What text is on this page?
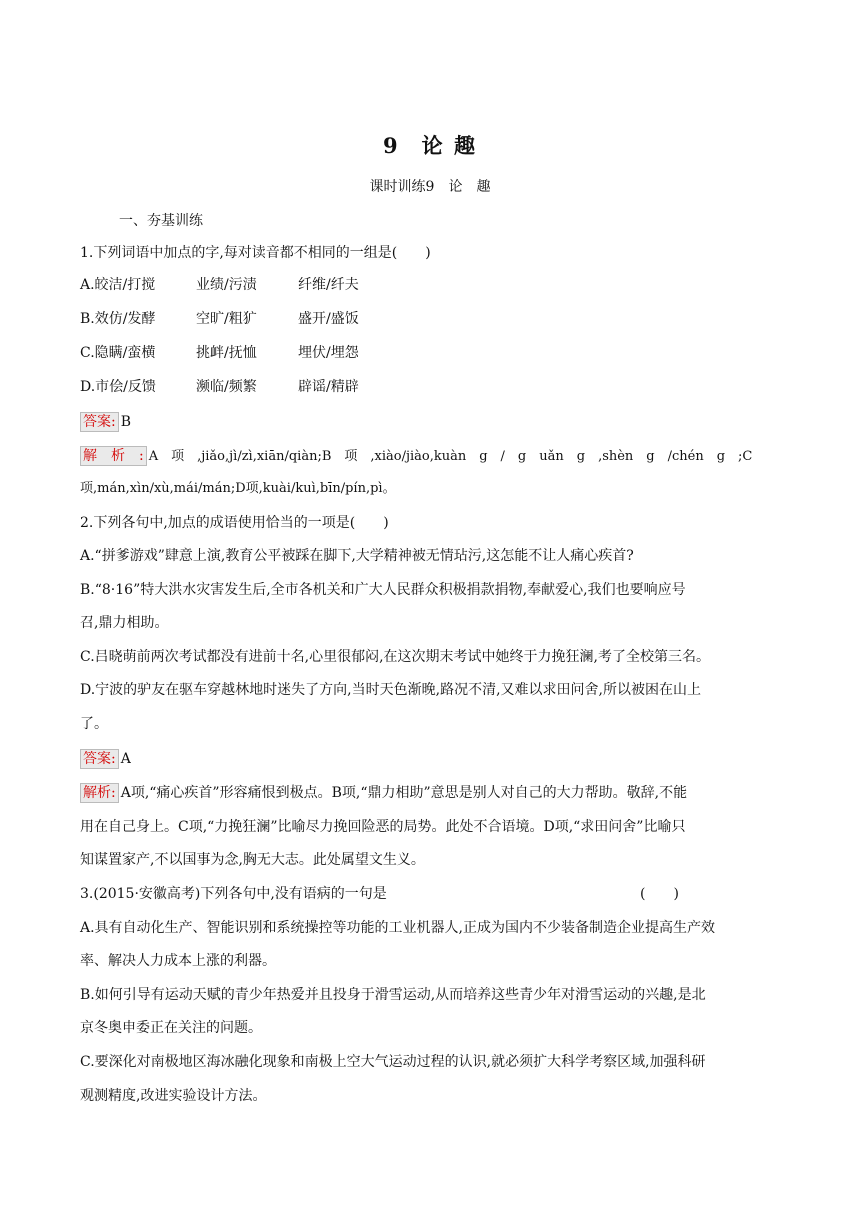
9 论 趣
课时训练9　论　趣
一、夯基训练
1.下列词语中加点的字,每对读音都不相同的一组是(　　)
A.皎洁/打搅	业绩/污渍	纤维/纤夫
B.效仿/发酵	空旷/粗犷	盛开/盛饭
C.隐瞒/蛮横	挑衅/抚恤	埋伏/埋怨
D.市侩/反馈	濒临/频繁	辟谣/精辟
答案: B
解　析　: A　项　,jiǎo,jì/zì,xiān/qiàn;B　项　,xiào/jiào,kuàn　g　/　g　uǎn　g　,shèn　g　/chén　g　;C
项,mán,xìn/xù,mái/mán;D项,kuài/kuì,bīn/pín,pì。
2.下列各句中,加点的成语使用恰当的一项是(　　)
A.“拼爹游戏”肆意上演,教育公平被踩在脚下,大学精神被无情玷污,这怎能不让人痛心疾首?
B.“8·16”特大洪水灾害发生后,全市各机关和广大人民群众积极捐款捐物,奉献爱心,我们也要响应号
召,鼎力相助。
C.吕晓萌前两次考试都没有进前十名,心里很郁闷,在这次期末考试中她终于力挽狂澜,考了全校第三名。
D.宁波的驴友在驱车穿越林地时迷失了方向,当时天色渐晚,路况不清,又难以求田问舍,所以被困在山上
了。
答案: A
解析: A项,“痛心疾首”形容痛恨到极点。B项,“鼎力相助”意思是别人对自己的大力帮助。敬辞,不能
用在自己身上。C项,“力挽狂澜”比喻尽力挽回险恶的局势。此处不合语境。D项,“求田问舍”比喻只
知谋置家产,不以国事为念,胸无大志。此处属望文生义。
3.(2015·安徽高考)下列各句中,没有语病的一句是	(　　)
A.具有自动化生产、智能识别和系统操控等功能的工业机器人,正成为国内不少装备制造企业提高生产效
率、解决人力成本上涨的利器。
B.如何引导有运动天赋的青少年热爱并且投身于滑雪运动,从而培养这些青少年对滑雪运动的兴趣,是北
京冬奥申委正在关注的问题。
C.要深化对南极地区海冰融化现象和南极上空大气运动过程的认识,就必须扩大科学考察区域,加强科研
观测精度,改进实验设计方法。
